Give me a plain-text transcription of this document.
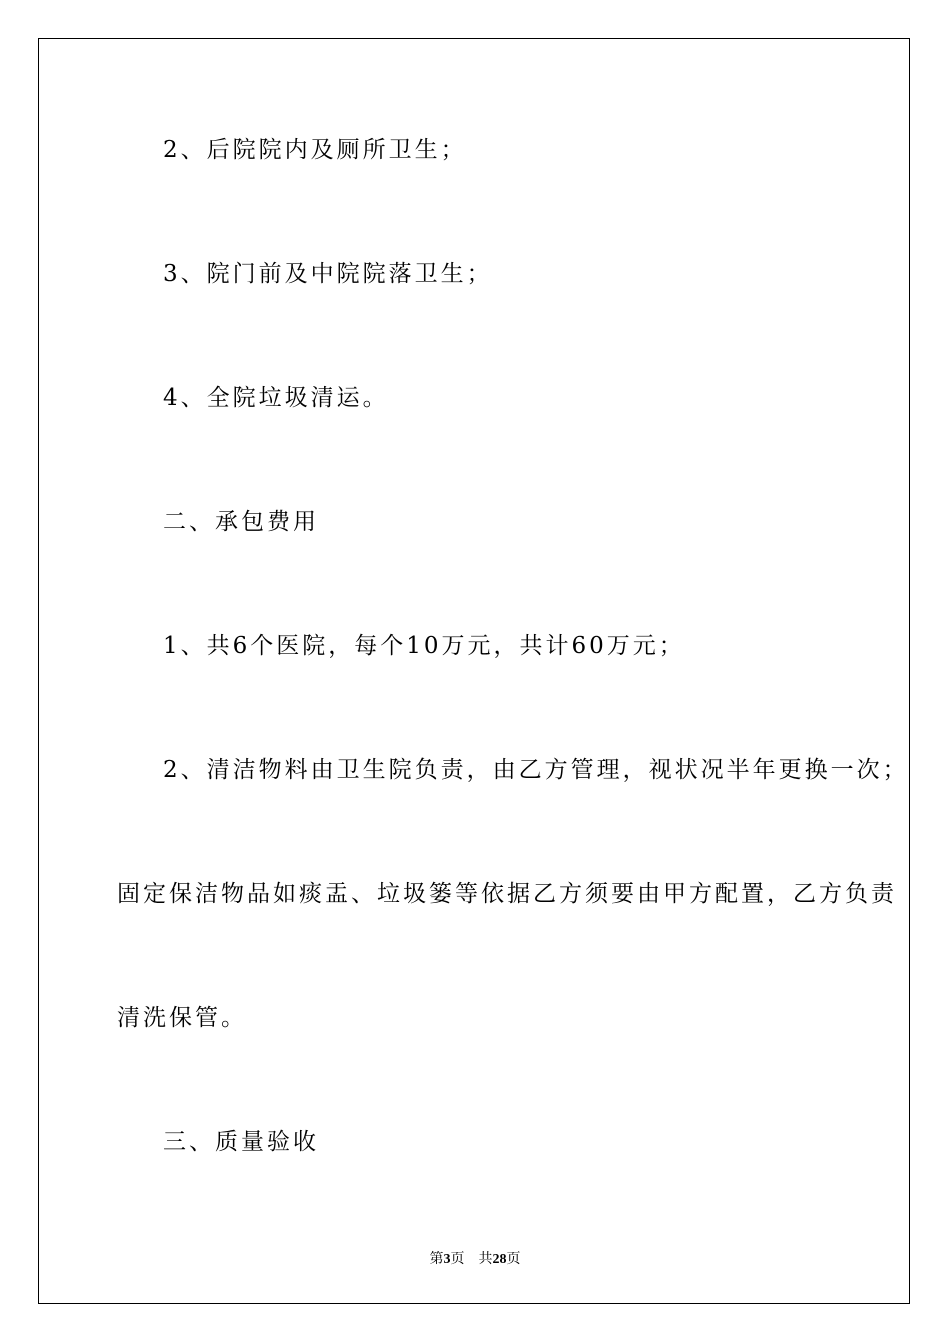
2、后院院内及厕所卫生；
3、院门前及中院院落卫生；
4、全院垃圾清运。
二、承包费用
1、共6个医院，每个10万元，共计60万元；
2、清洁物料由卫生院负责，由乙方管理，视状况半年更换一次；
固定保洁物品如痰盂、垃圾篓等依据乙方须要由甲方配置，乙方负责
清洗保管。
三、质量验收
第3页 共28页
